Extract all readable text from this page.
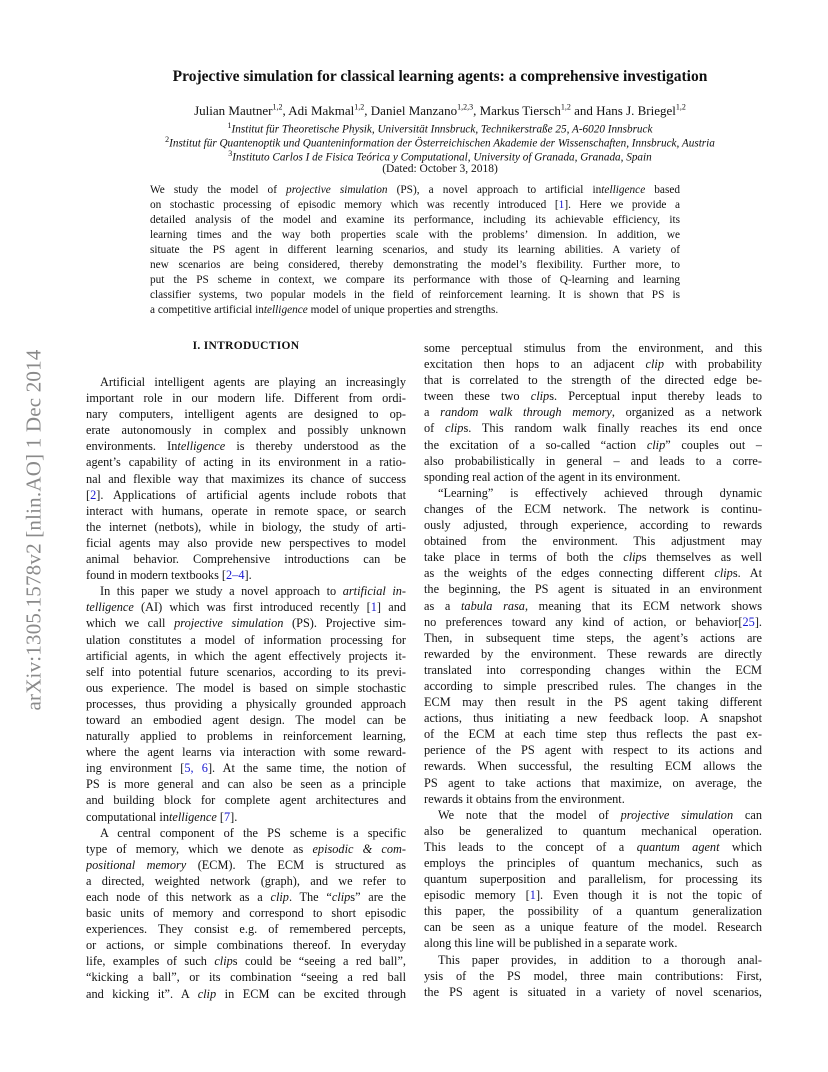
arXiv:1305.1578v2 [nlin.AO] 1 Dec 2014
Projective simulation for classical learning agents: a comprehensive investigation
Julian Mautner$^{1,2}$, Adi Makmal$^{1,2}$, Daniel Manzano$^{1,2,3}$, Markus Tiersch$^{1,2}$ and Hans J. Briegel$^{1,2}$
$^1$Institut für Theoretische Physik, Universität Innsbruck, Technikerstraße 25, A-6020 Innsbruck
$^2$Institut für Quantenoptik und Quanteninformation der Österreichischen Akademie der Wissenschaften, Innsbruck, Austria
$^3$Instituto Carlos I de Fisica Teórica y Computational, University of Granada, Granada, Spain
(Dated: October 3, 2018)
We study the model of projective simulation (PS), a novel approach to artificial intelligence based
on stochastic processing of episodic memory which was recently introduced [1]. Here we provide a
detailed analysis of the model and examine its performance, including its achievable efficiency, its
learning times and the way both properties scale with the problems’ dimension. In addition, we
situate the PS agent in different learning scenarios, and study its learning abilities. A variety of
new scenarios are being considered, thereby demonstrating the model’s flexibility. Further more, to
put the PS scheme in context, we compare its performance with those of Q-learning and learning
classifier systems, two popular models in the field of reinforcement learning. It is shown that PS is
a competitive artificial intelligence model of unique properties and strengths.
I. INTRODUCTION
Artificial intelligent agents are playing an increasingly
important role in our modern life. Different from ordi-
nary computers, intelligent agents are designed to op-
erate autonomously in complex and possibly unknown
environments. Intelligence is thereby understood as the
agent’s capability of acting in its environment in a ratio-
nal and flexible way that maximizes its chance of success
[2]. Applications of artificial agents include robots that
interact with humans, operate in remote space, or search
the internet (netbots), while in biology, the study of arti-
ficial agents may also provide new perspectives to model
animal behavior. Comprehensive introductions can be
found in modern textbooks [2–4].
In this paper we study a novel approach to artificial in-
telligence (AI) which was first introduced recently [1] and
which we call projective simulation (PS). Projective sim-
ulation constitutes a model of information processing for
artificial agents, in which the agent effectively projects it-
self into potential future scenarios, according to its previ-
ous experience. The model is based on simple stochastic
processes, thus providing a physically grounded approach
toward an embodied agent design. The model can be
naturally applied to problems in reinforcement learning,
where the agent learns via interaction with some reward-
ing environment [5, 6]. At the same time, the notion of
PS is more general and can also be seen as a principle
and building block for complete agent architectures and
computational intelligence [7].
A central component of the PS scheme is a specific
type of memory, which we denote as episodic & com-
positional memory (ECM). The ECM is structured as
a directed, weighted network (graph), and we refer to
each node of this network as a clip. The “clips” are the
basic units of memory and correspond to short episodic
experiences. They consist e.g. of remembered percepts,
or actions, or simple combinations thereof. In everyday
life, examples of such clips could be “seeing a red ball”,
“kicking a ball”, or its combination “seeing a red ball
and kicking it”. A clip in ECM can be excited through
some perceptual stimulus from the environment, and this
excitation then hops to an adjacent clip with probability
that is correlated to the strength of the directed edge be-
tween these two clips. Perceptual input thereby leads to
a random walk through memory, organized as a network
of clips. This random walk finally reaches its end once
the excitation of a so-called “action clip” couples out –
also probabilistically in general – and leads to a corre-
sponding real action of the agent in its environment.
“Learning” is effectively achieved through dynamic
changes of the ECM network. The network is continu-
ously adjusted, through experience, according to rewards
obtained from the environment. This adjustment may
take place in terms of both the clips themselves as well
as the weights of the edges connecting different clips. At
the beginning, the PS agent is situated in an environment
as a tabula rasa, meaning that its ECM network shows
no preferences toward any kind of action, or behavior[25].
Then, in subsequent time steps, the agent’s actions are
rewarded by the environment. These rewards are directly
translated into corresponding changes within the ECM
according to simple prescribed rules. The changes in the
ECM may then result in the PS agent taking different
actions, thus initiating a new feedback loop. A snapshot
of the ECM at each time step thus reflects the past ex-
perience of the PS agent with respect to its actions and
rewards. When successful, the resulting ECM allows the
PS agent to take actions that maximize, on average, the
rewards it obtains from the environment.
We note that the model of projective simulation can
also be generalized to quantum mechanical operation.
This leads to the concept of a quantum agent which
employs the principles of quantum mechanics, such as
quantum superposition and parallelism, for processing its
episodic memory [1]. Even though it is not the topic of
this paper, the possibility of a quantum generalization
can be seen as a unique feature of the model. Research
along this line will be published in a separate work.
This paper provides, in addition to a thorough anal-
ysis of the PS model, three main contributions: First,
the PS agent is situated in a variety of novel scenarios,
